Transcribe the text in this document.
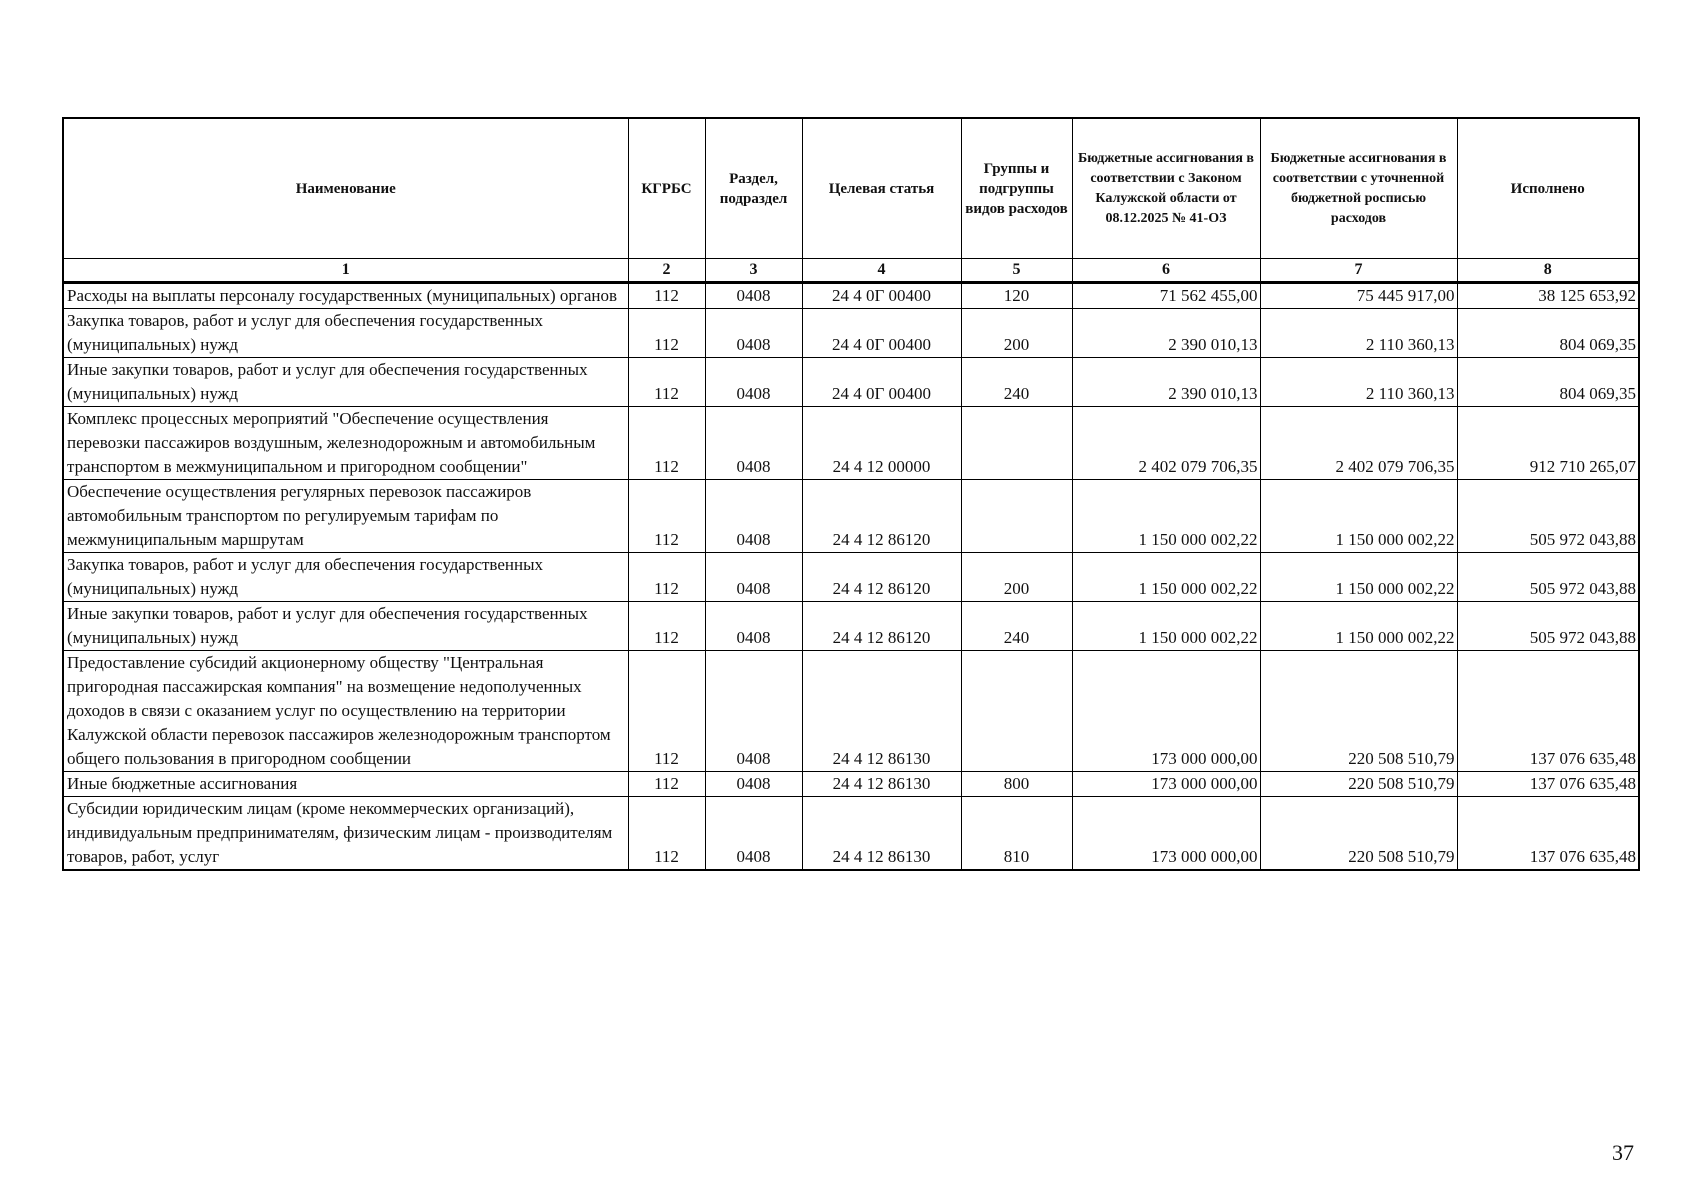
Наименование	КГРБС	Раздел, подраздел	Целевая статья	Группы и подгруппы видов расходов	Бюджетные ассигнования в соответствии с Законом Калужской области от 08.12.2025 № 41-ОЗ	Бюджетные ассигнования в соответствии с уточненной бюджетной росписью расходов	Исполнено
1	2	3	4	5	6	7	8
Расходы на выплаты персоналу государственных (муниципальных) органов	112	0408	24 4 0Г 00400	120	71 562 455,00	75 445 917,00	38 125 653,92
Закупка товаров, работ и услуг для обеспечения государственных (муниципальных) нужд	112	0408	24 4 0Г 00400	200	2 390 010,13	2 110 360,13	804 069,35
Иные закупки товаров, работ и услуг для обеспечения государственных (муниципальных) нужд	112	0408	24 4 0Г 00400	240	2 390 010,13	2 110 360,13	804 069,35
Комплекс процессных мероприятий "Обеспечение осуществления перевозки пассажиров воздушным, железнодорожным и автомобильным транспортом в межмуниципальном и пригородном сообщении"	112	0408	24 4 12 00000		2 402 079 706,35	2 402 079 706,35	912 710 265,07
Обеспечение осуществления регулярных перевозок пассажиров автомобильным транспортом по регулируемым тарифам по межмуниципальным маршрутам	112	0408	24 4 12 86120		1 150 000 002,22	1 150 000 002,22	505 972 043,88
Закупка товаров, работ и услуг для обеспечения государственных (муниципальных) нужд	112	0408	24 4 12 86120	200	1 150 000 002,22	1 150 000 002,22	505 972 043,88
Иные закупки товаров, работ и услуг для обеспечения государственных (муниципальных) нужд	112	0408	24 4 12 86120	240	1 150 000 002,22	1 150 000 002,22	505 972 043,88
Предоставление субсидий акционерному обществу "Центральная пригородная пассажирская компания" на возмещение недополученных доходов в связи с оказанием услуг по осуществлению на территории Калужской области перевозок пассажиров железнодорожным транспортом общего пользования в пригородном сообщении	112	0408	24 4 12 86130		173 000 000,00	220 508 510,79	137 076 635,48
Иные бюджетные ассигнования	112	0408	24 4 12 86130	800	173 000 000,00	220 508 510,79	137 076 635,48
Субсидии юридическим лицам (кроме некоммерческих организаций), индивидуальным предпринимателям, физическим лицам - производителям товаров, работ, услуг	112	0408	24 4 12 86130	810	173 000 000,00	220 508 510,79	137 076 635,48
37
